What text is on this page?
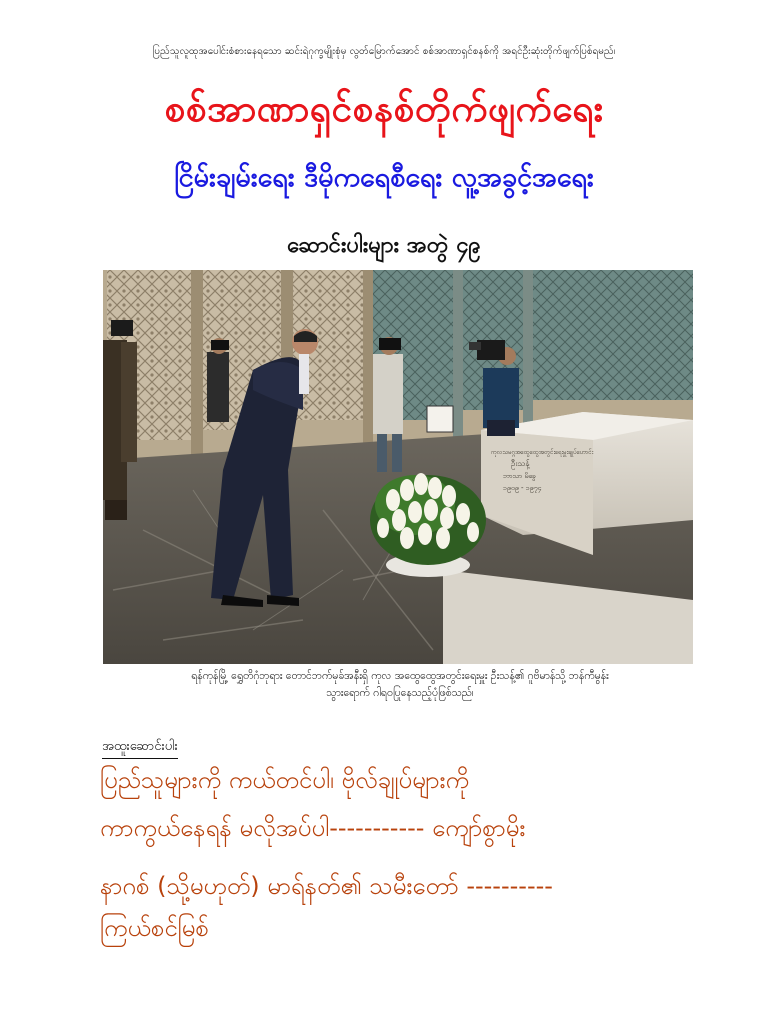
ပြည်သူလူထုအပေါင်းစံစားနေရသော ဆင်းရဲဂုက္ခမျိုးစုံမှ လွတ်မြောက်အောင် စစ်အာဏာရှင်စနစ်ကို အရင်ဦးဆုံးတိုက်ဖျက်ပြစ်ရမည်၊
စစ်အာဏာရှင်စနစ်တိုက်ဖျက်ရေး
ငြိမ်းချမ်းရေး ဒီမိုကရေစီရေး လူ့အခွင့်အရေး
ဆောင်းပါးများ အတွဲ ၄၉
ကုလသမဂ္ဂအထွေထွေအတွင်းရေးမှူးချုပ်ဟောင်း
ဦးသန့်
ဘာသာ မိခွေ
၁၉၀၉ - ၁၉၇၄
ရန်ကုန်မြို့ ရွှေတိဂုံဘုရား တောင်ဘက်မုခ်အနီးရှိ ကုလ အထွေထွေအတွင်းရေးမှူး ဦးသန့်၏ ဂူဗိမာန်သို့ ဘန်ကီမွန်း
သွားရောက် ဂါရဝပြုနေသည့်ပုံဖြစ်သည်၊
အထူးဆောင်းပါး
ပြည်သူများကို ကယ်တင်ပါ၊ ဗိုလ်ချုပ်များကို
ကာကွယ်နေရန် မလိုအပ်ပါ----------- ကျော်စွာမိုး
နာဂစ် (သို့မဟုတ်) မာရ်နတ်၏ သမီးတော် ----------
ကြယ်စင်မြစ်
